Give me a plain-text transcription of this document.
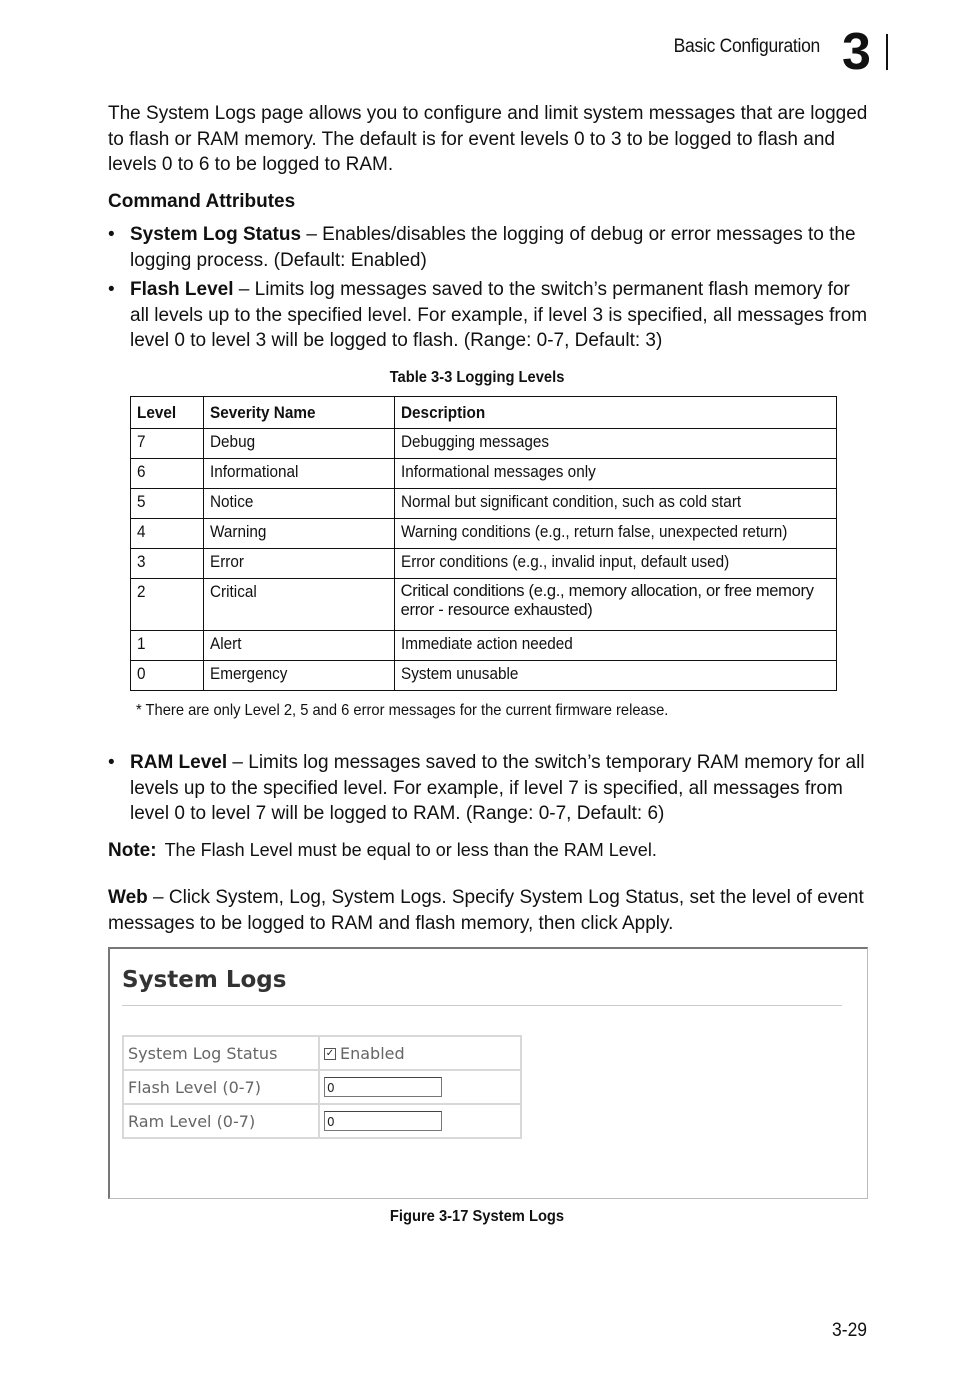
Basic Configuration 3

The System Logs page allows you to configure and limit system messages that are logged to flash or RAM memory. The default is for event levels 0 to 3 to be logged to flash and levels 0 to 6 to be logged to RAM.

Command Attributes

• System Log Status – Enables/disables the logging of debug or error messages to the logging process. (Default: Enabled)
• Flash Level – Limits log messages saved to the switch’s permanent flash memory for all levels up to the specified level. For example, if level 3 is specified, all messages from level 0 to level 3 will be logged to flash. (Range: 0-7, Default: 3)
Table 3-3 Logging Levels
Level	Severity Name	Description
7	Debug	Debugging messages
6	Informational	Informational messages only
5	Notice	Normal but significant condition, such as cold start
4	Warning	Warning conditions (e.g., return false, unexpected return)
3	Error	Error conditions (e.g., invalid input, default used)
2	Critical	Critical conditions (e.g., memory allocation, or free memory error - resource exhausted)

1	Alert	Immediate action needed
0	Emergency	System unusable
* There are only Level 2, 5 and 6 error messages for the current firmware release.
• RAM Level – Limits log messages saved to the switch’s temporary RAM memory for all levels up to the specified level. For example, if level 7 is specified, all messages from level 0 to level 7 will be logged to RAM. (Range: 0-7, Default: 6)
Note: The Flash Level must be equal to or less than the RAM Level.

Web – Click System, Log, System Logs. Specify System Log Status, set the level of event messages to be logged to RAM and flash memory, then click Apply.

System Logs
System Log Status	✓ Enabled
Flash Level (0-7)	0
Ram Level (0-7)	0
Figure 3-17 System Logs
3-29
